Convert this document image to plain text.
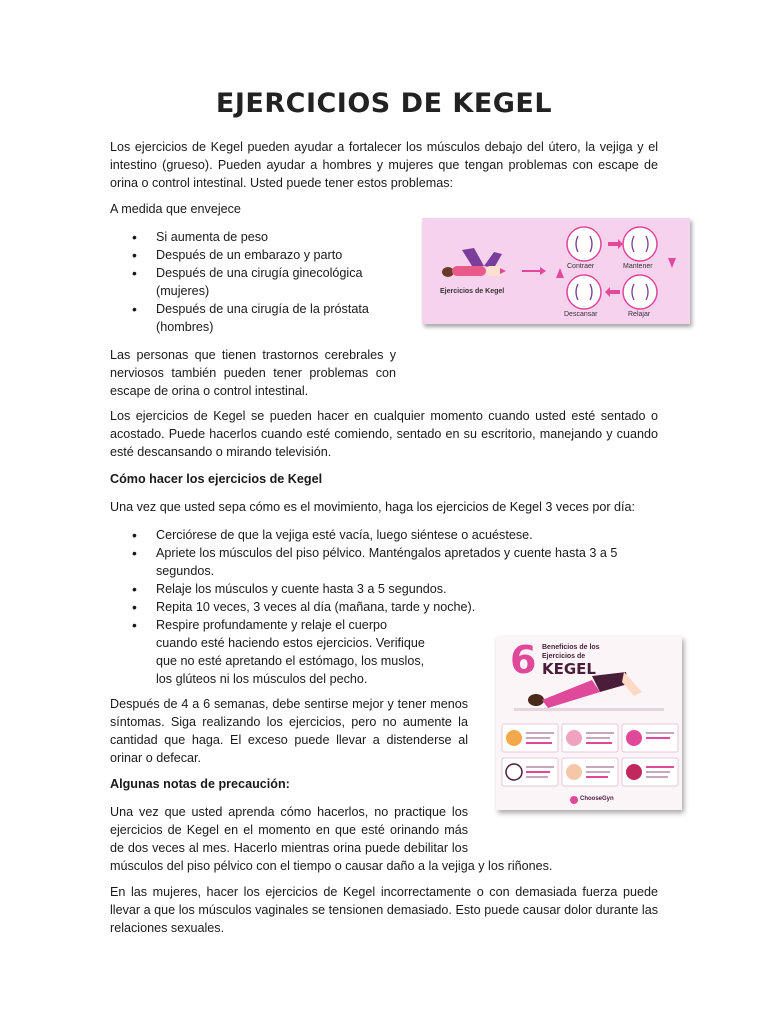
EJERCICIOS DE KEGEL

Los ejercicios de Kegel pueden ayudar a fortalecer los músculos debajo del útero, la vejiga y el intestino (grueso). Pueden ayudar a hombres y mujeres que tengan problemas con escape de orina o control intestinal. Usted puede tener estos problemas:

A medida que envejece

• Si aumenta de peso
• Después de un embarazo y parto
• Después de una cirugía ginecológica (mujeres)
• Después de una cirugía de la próstata (hombres)
Ejercicios de Kegel
Contraer	Mantener
Descansar	Relajar

Las personas que tienen trastornos cerebrales y nerviosos también pueden tener problemas con escape de orina o control intestinal.

Los ejercicios de Kegel se pueden hacer en cualquier momento cuando usted esté sentado o acostado. Puede hacerlos cuando esté comiendo, sentado en su escritorio, manejando y cuando esté descansando o mirando televisión.

Cómo hacer los ejercicios de Kegel

Una vez que usted sepa cómo es el movimiento, haga los ejercicios de Kegel 3 veces por día:

• Cerciórese de que la vejiga esté vacía, luego siéntese o acuéstese.
• Apriete los músculos del piso pélvico. Manténgalos apretados y cuente hasta 3 a 5 segundos.
• Relaje los músculos y cuente hasta 3 a 5 segundos.
• Repita 10 veces, 3 veces al día (mañana, tarde y noche).
• Respire profundamente y relaje el cuerpo cuando esté haciendo estos ejercicios. Verifique que no esté apretando el estómago, los muslos, los glúteos ni los músculos del pecho.	6 Beneficios de los
Ejercicios de
KEGEL
ChooseGyn

Después de 4 a 6 semanas, debe sentirse mejor y tener menos síntomas. Siga realizando los ejercicios, pero no aumente la cantidad que haga. El exceso puede llevar a distenderse al orinar o defecar.

Algunas notas de precaución:

Una vez que usted aprenda cómo hacerlos, no practique los ejercicios de Kegel en el momento en que esté orinando más de dos veces al mes. Hacerlo mientras orina puede debilitar los músculos del piso pélvico con el tiempo o causar daño a la vejiga y los riñones.

En las mujeres, hacer los ejercicios de Kegel incorrectamente o con demasiada fuerza puede llevar a que los músculos vaginales se tensionen demasiado. Esto puede causar dolor durante las relaciones sexuales.
